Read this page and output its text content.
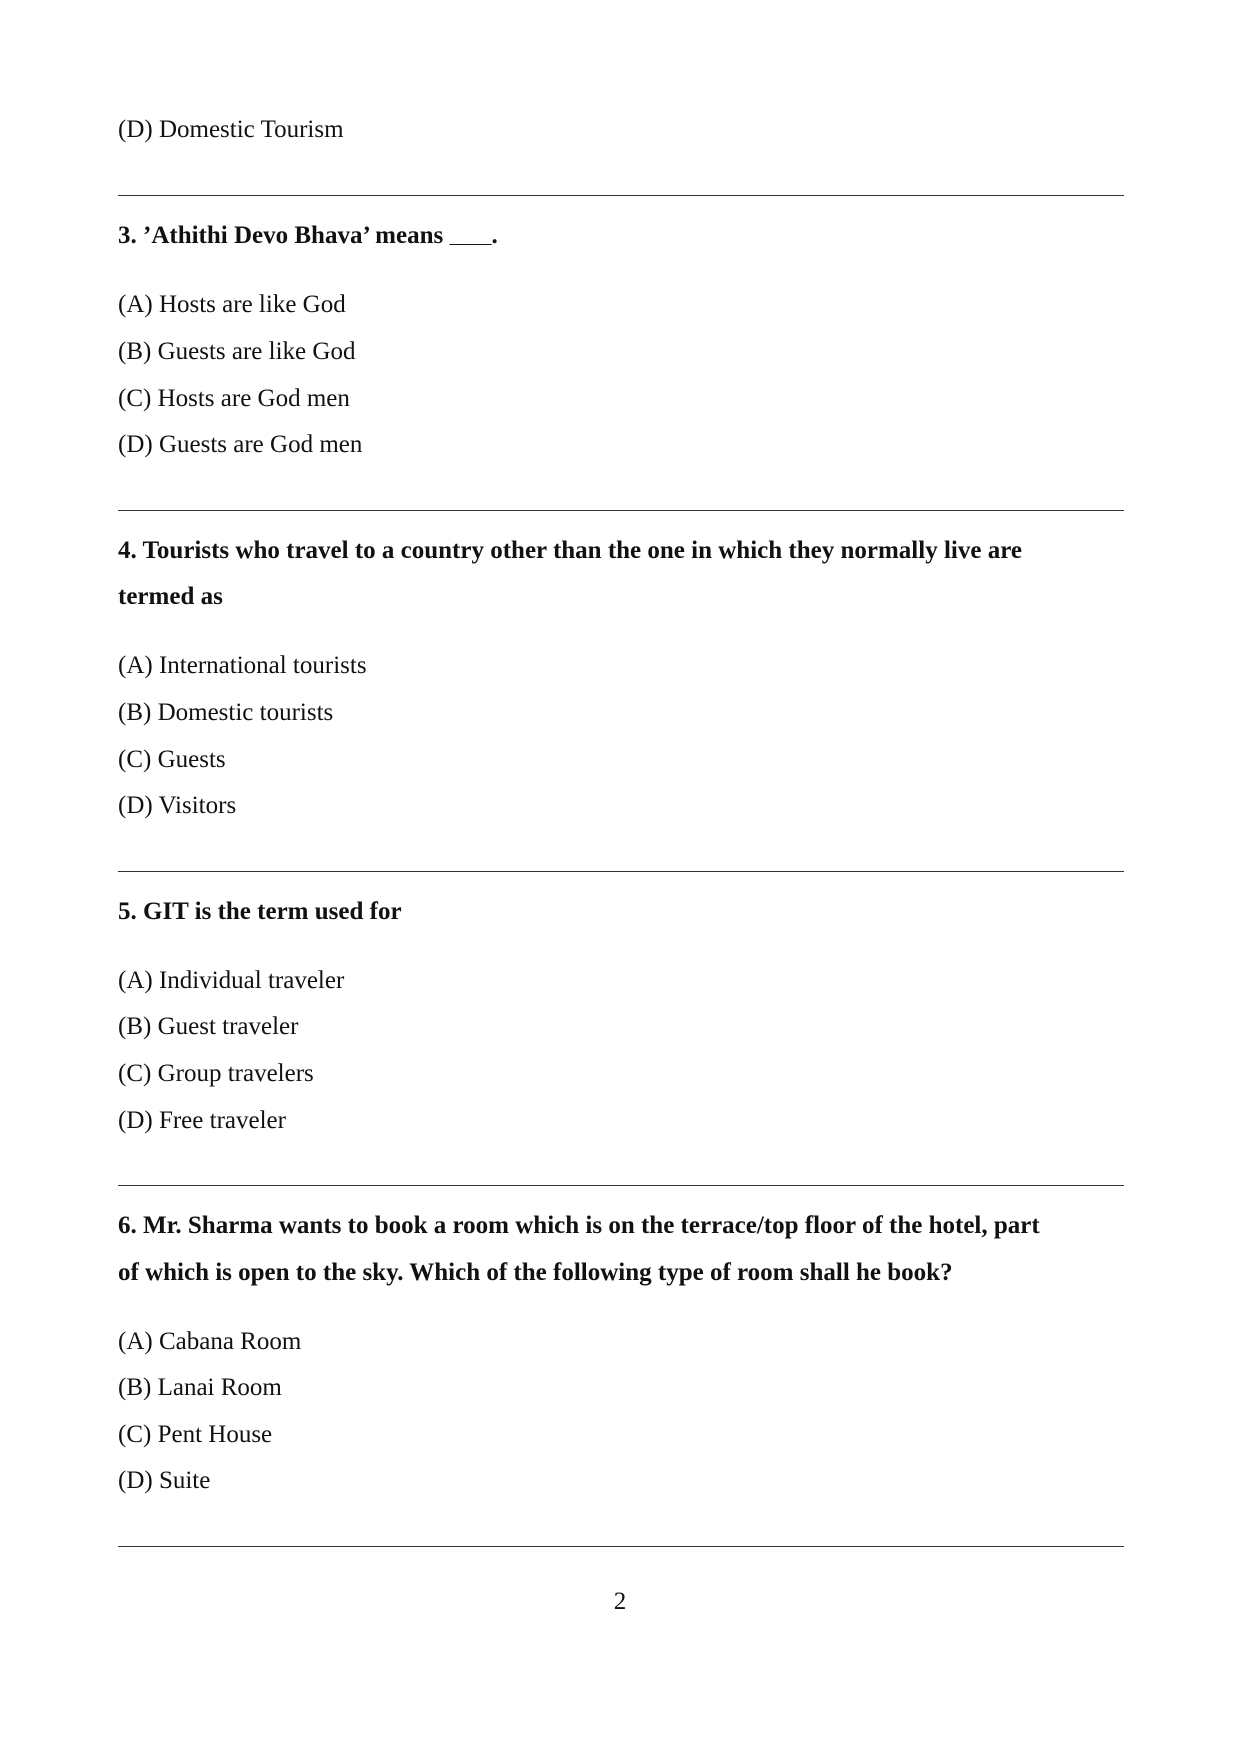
(D) Domestic Tourism
3. ’Athithi Devo Bhava’ means ______.
(A) Hosts are like God
(B) Guests are like God
(C) Hosts are God men
(D) Guests are God men
4. Tourists who travel to a country other than the one in which they normally live are
termed as
(A) International tourists
(B) Domestic tourists
(C) Guests
(D) Visitors
5. GIT is the term used for
(A) Individual traveler
(B) Guest traveler
(C) Group travelers
(D) Free traveler
6. Mr. Sharma wants to book a room which is on the terrace/top floor of the hotel, part
of which is open to the sky. Which of the following type of room shall he book?
(A) Cabana Room
(B) Lanai Room
(C) Pent House
(D) Suite
2
